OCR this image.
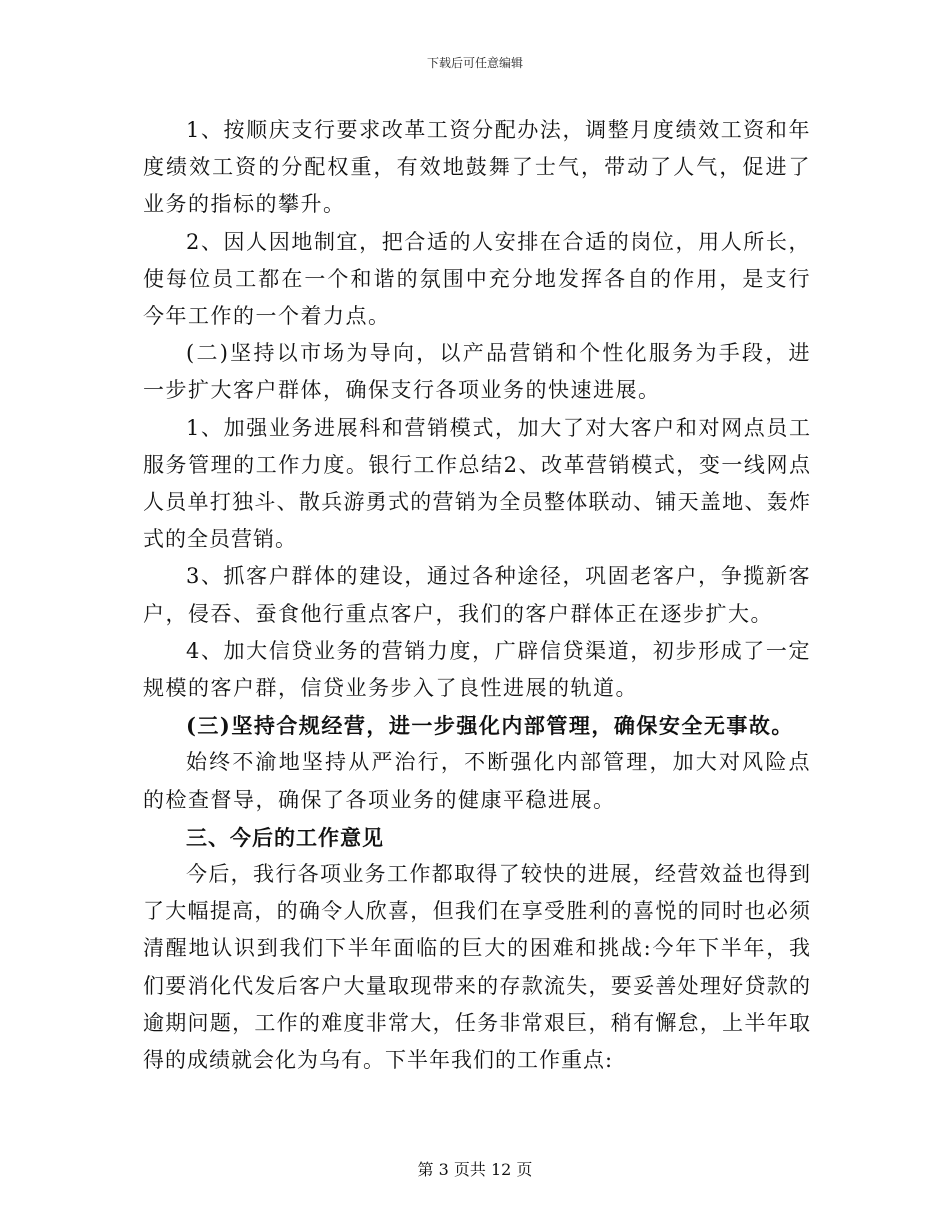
下载后可任意编辑

1、按顺庆支行要求改革工资分配办法，调整月度绩效工资和年度绩效工资的分配权重，有效地鼓舞了士气，带动了人气，促进了业务的指标的攀升。

2、因人因地制宜，把合适的人安排在合适的岗位，用人所长，使每位员工都在一个和谐的氛围中充分地发挥各自的作用，是支行今年工作的一个着力点。

(二)坚持以市场为导向，以产品营销和个性化服务为手段，进一步扩大客户群体，确保支行各项业务的快速进展。

1、加强业务进展科和营销模式，加大了对大客户和对网点员工服务管理的工作力度。银行工作总结2、改革营销模式，变一线网点人员单打独斗、散兵游勇式的营销为全员整体联动、铺天盖地、轰炸式的全员营销。

3、抓客户群体的建设，通过各种途径，巩固老客户，争揽新客户，侵吞、蚕食他行重点客户，我们的客户群体正在逐步扩大。

4、加大信贷业务的营销力度，广辟信贷渠道，初步形成了一定规模的客户群，信贷业务步入了良性进展的轨道。

(三)坚持合规经营，进一步强化内部管理，确保安全无事故。

始终不渝地坚持从严治行，不断强化内部管理，加大对风险点的检查督导，确保了各项业务的健康平稳进展。

三、今后的工作意见

今后，我行各项业务工作都取得了较快的进展，经营效益也得到了大幅提高，的确令人欣喜，但我们在享受胜利的喜悦的同时也必须清醒地认识到我们下半年面临的巨大的困难和挑战:今年下半年，我们要消化代发后客户大量取现带来的存款流失，要妥善处理好贷款的逾期问题，工作的难度非常大，任务非常艰巨，稍有懈怠，上半年取得的成绩就会化为乌有。下半年我们的工作重点:

第 3 页共 12 页
